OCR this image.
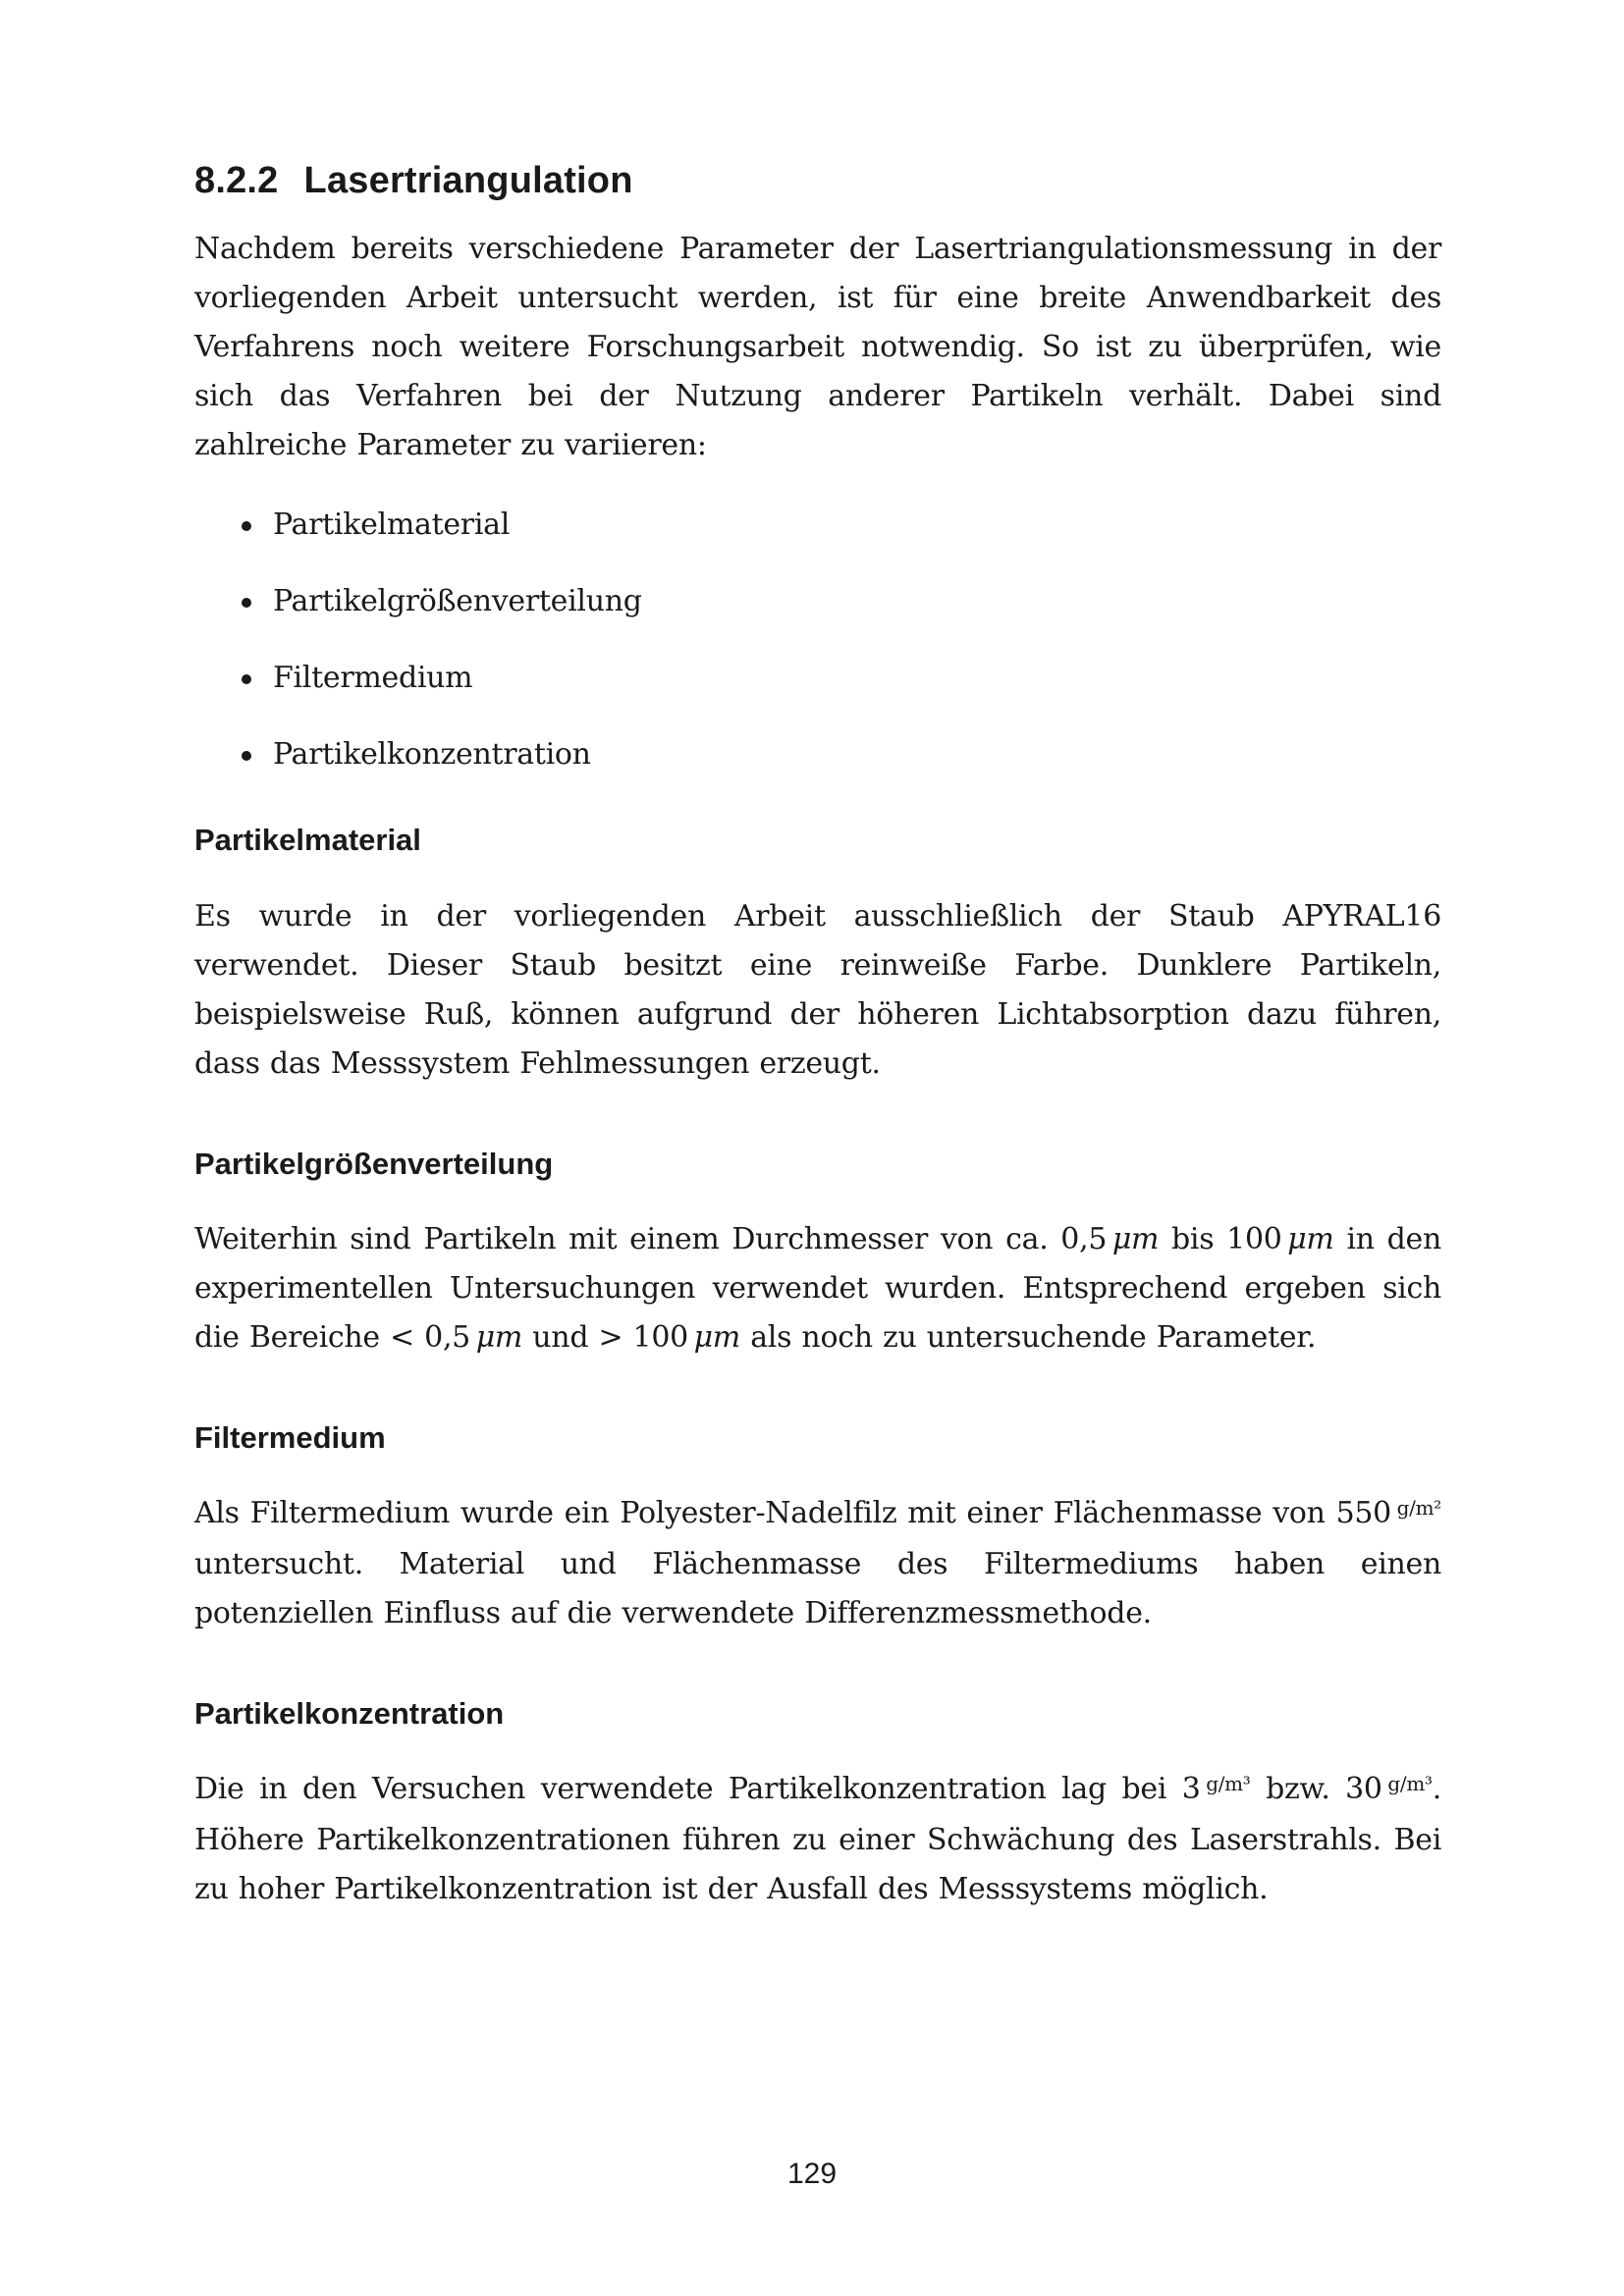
8.2.2 Lasertriangulation

Nachdem bereits verschiedene Parameter der Lasertriangulationsmessung in der vorliegenden Arbeit untersucht werden, ist für eine breite Anwendbarkeit des Verfahrens noch weitere Forschungsarbeit notwendig. So ist zu überprüfen, wie sich das Verfahren bei der Nutzung anderer Partikeln verhält. Dabei sind zahlreiche Parameter zu variieren:

Partikelmaterial
Partikelgrößenverteilung
Filtermedium
Partikelkonzentration
Partikelmaterial

Es wurde in der vorliegenden Arbeit ausschließlich der Staub APYRAL16 verwendet. Dieser Staub besitzt eine reinweiße Farbe. Dunklere Partikeln, beispielsweise Ruß, können aufgrund der höheren Lichtabsorption dazu führen, dass das Messsystem Fehlmessungen erzeugt.

Partikelgrößenverteilung

Weiterhin sind Partikeln mit einem Durchmesser von ca. 0,5  μm bis 100  μm in den experimentellen Untersuchungen verwendet wurden. Entsprechend ergeben sich die Bereiche < 0,5  μm und > 100  μm als noch zu untersuchende Parameter.

Filtermedium

Als Filtermedium wurde ein Polyester-Nadelfilz mit einer Flächenmasse von 550  $^{g/m^2}$ untersucht. Material und Flächenmasse des Filtermediums haben einen potenziellen Einfluss auf die verwendete Differenzmessmethode.

Partikelkonzentration

Die in den Versuchen verwendete Partikelkonzentration lag bei 3  $^{g/m^3}$ bzw. 30  $^{g/m^3}$. Höhere Partikelkonzentrationen führen zu einer Schwächung des Laserstrahls. Bei zu hoher Partikelkonzentration ist der Ausfall des Messsystems möglich.

129
